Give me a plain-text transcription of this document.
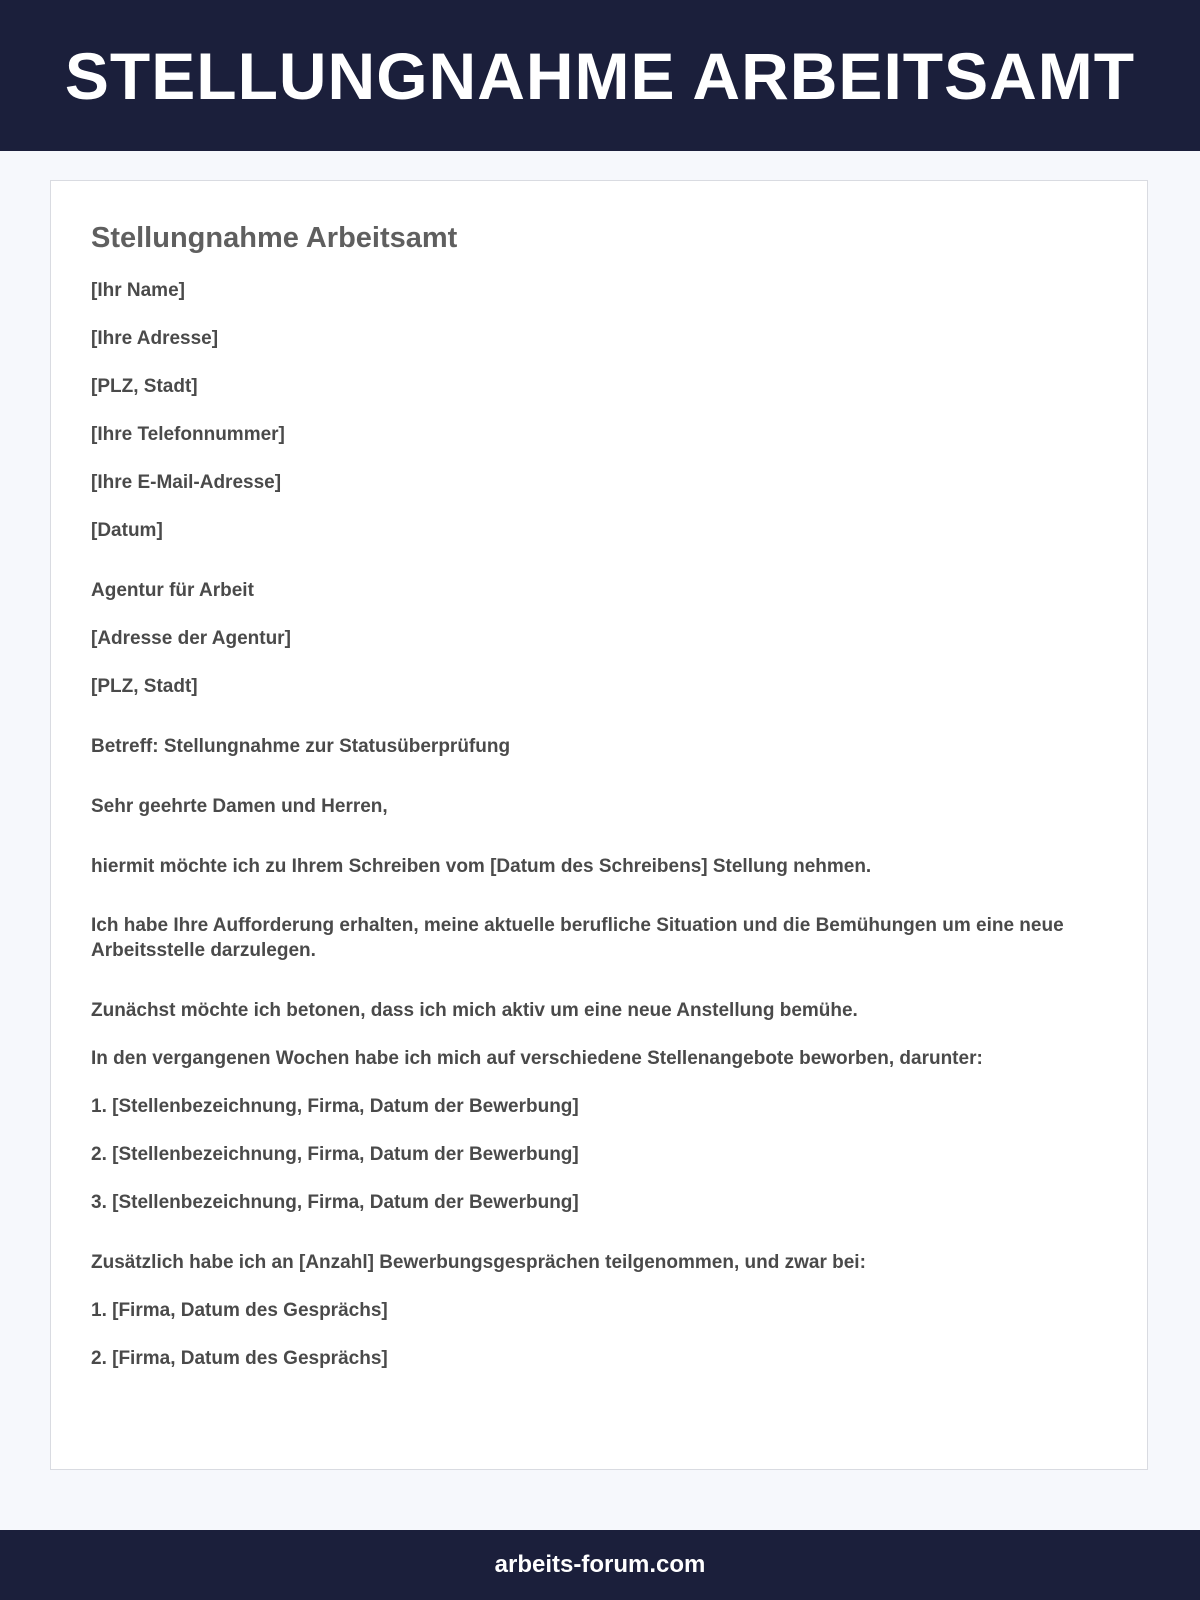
STELLUNGNAHME ARBEITSAMT
Stellungnahme Arbeitsamt

[Ihr Name]

[Ihre Adresse]

[PLZ, Stadt]

[Ihre Telefonnummer]

[Ihre E-Mail-Adresse]

[Datum]

Agentur für Arbeit

[Adresse der Agentur]

[PLZ, Stadt]

Betreff: Stellungnahme zur Statusüberprüfung

Sehr geehrte Damen und Herren,

hiermit möchte ich zu Ihrem Schreiben vom [Datum des Schreibens] Stellung nehmen.

Ich habe Ihre Aufforderung erhalten, meine aktuelle berufliche Situation und die Bemühungen um eine neue Arbeitsstelle darzulegen.

Zunächst möchte ich betonen, dass ich mich aktiv um eine neue Anstellung bemühe.

In den vergangenen Wochen habe ich mich auf verschiedene Stellenangebote beworben, darunter:

1. [Stellenbezeichnung, Firma, Datum der Bewerbung]

2. [Stellenbezeichnung, Firma, Datum der Bewerbung]

3. [Stellenbezeichnung, Firma, Datum der Bewerbung]

Zusätzlich habe ich an [Anzahl] Bewerbungsgesprächen teilgenommen, und zwar bei:

1. [Firma, Datum des Gesprächs]

2. [Firma, Datum des Gesprächs]

arbeits-forum.com
